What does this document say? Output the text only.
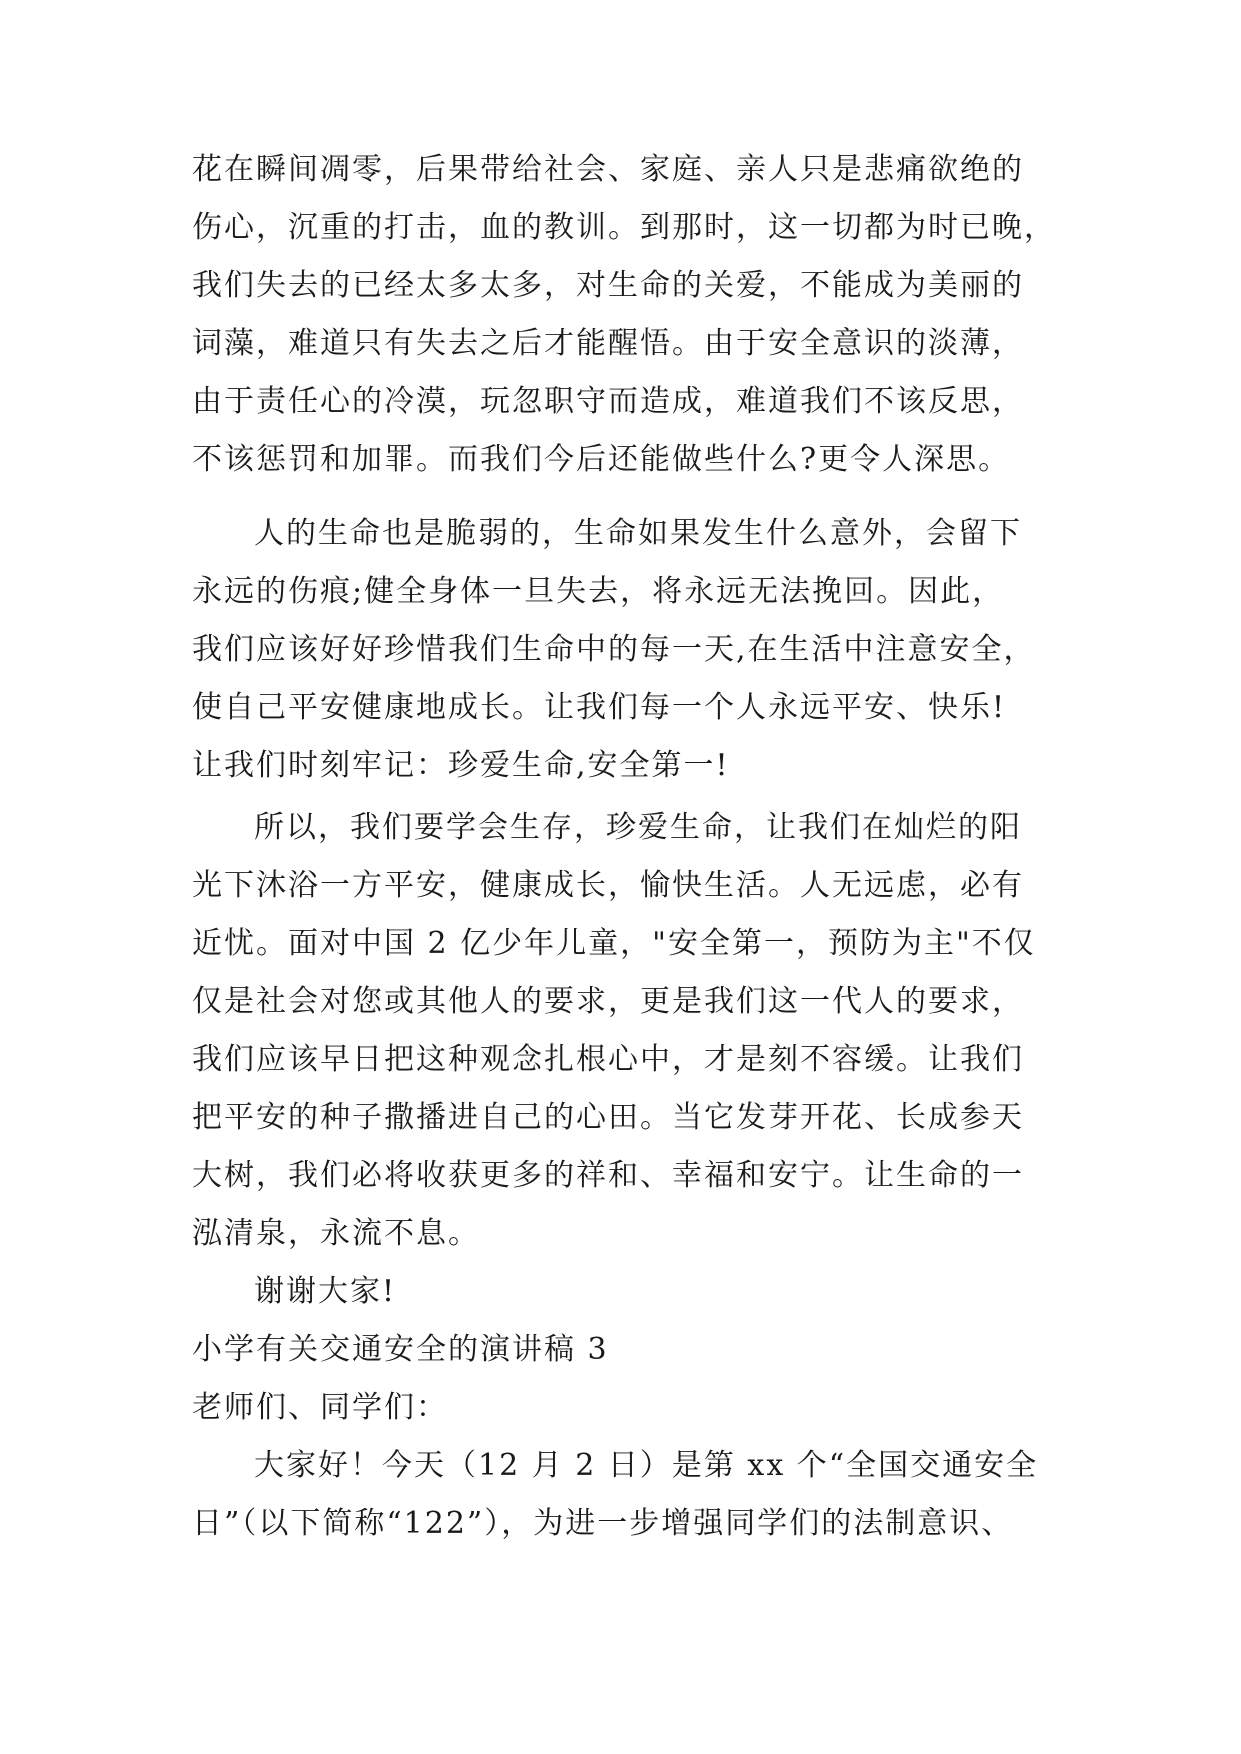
花在瞬间凋零，后果带给社会、家庭、亲人只是悲痛欲绝的
伤心，沉重的打击，血的教训。到那时，这一切都为时已晚，
我们失去的已经太多太多，对生命的关爱，不能成为美丽的
词藻，难道只有失去之后才能醒悟。由于安全意识的淡薄，
由于责任心的冷漠，玩忽职守而造成，难道我们不该反思，
不该惩罚和加罪。而我们今后还能做些什么?更令人深思。
人的生命也是脆弱的，生命如果发生什么意外，会留下
永远的伤痕;健全身体一旦失去，将永远无法挽回。因此，
我们应该好好珍惜我们生命中的每一天,在生活中注意安全，
使自己平安健康地成长。让我们每一个人永远平安、快乐!
让我们时刻牢记：珍爱生命,安全第一!
所以，我们要学会生存，珍爱生命，让我们在灿烂的阳
光下沐浴一方平安，健康成长，愉快生活。人无远虑，必有
近忧。面对中国 2 亿少年儿童，"安全第一，预防为主"不仅
仅是社会对您或其他人的要求，更是我们这一代人的要求，
我们应该早日把这种观念扎根心中，才是刻不容缓。让我们
把平安的种子撒播进自己的心田。当它发芽开花、长成参天
大树，我们必将收获更多的祥和、幸福和安宁。让生命的一
泓清泉，永流不息。
谢谢大家!
小学有关交通安全的演讲稿 3
老师们、同学们：
大家好！今天（12 月 2 日）是第 xx 个“全国交通安全
日”（以下简称“122”），为进一步增强同学们的法制意识、
